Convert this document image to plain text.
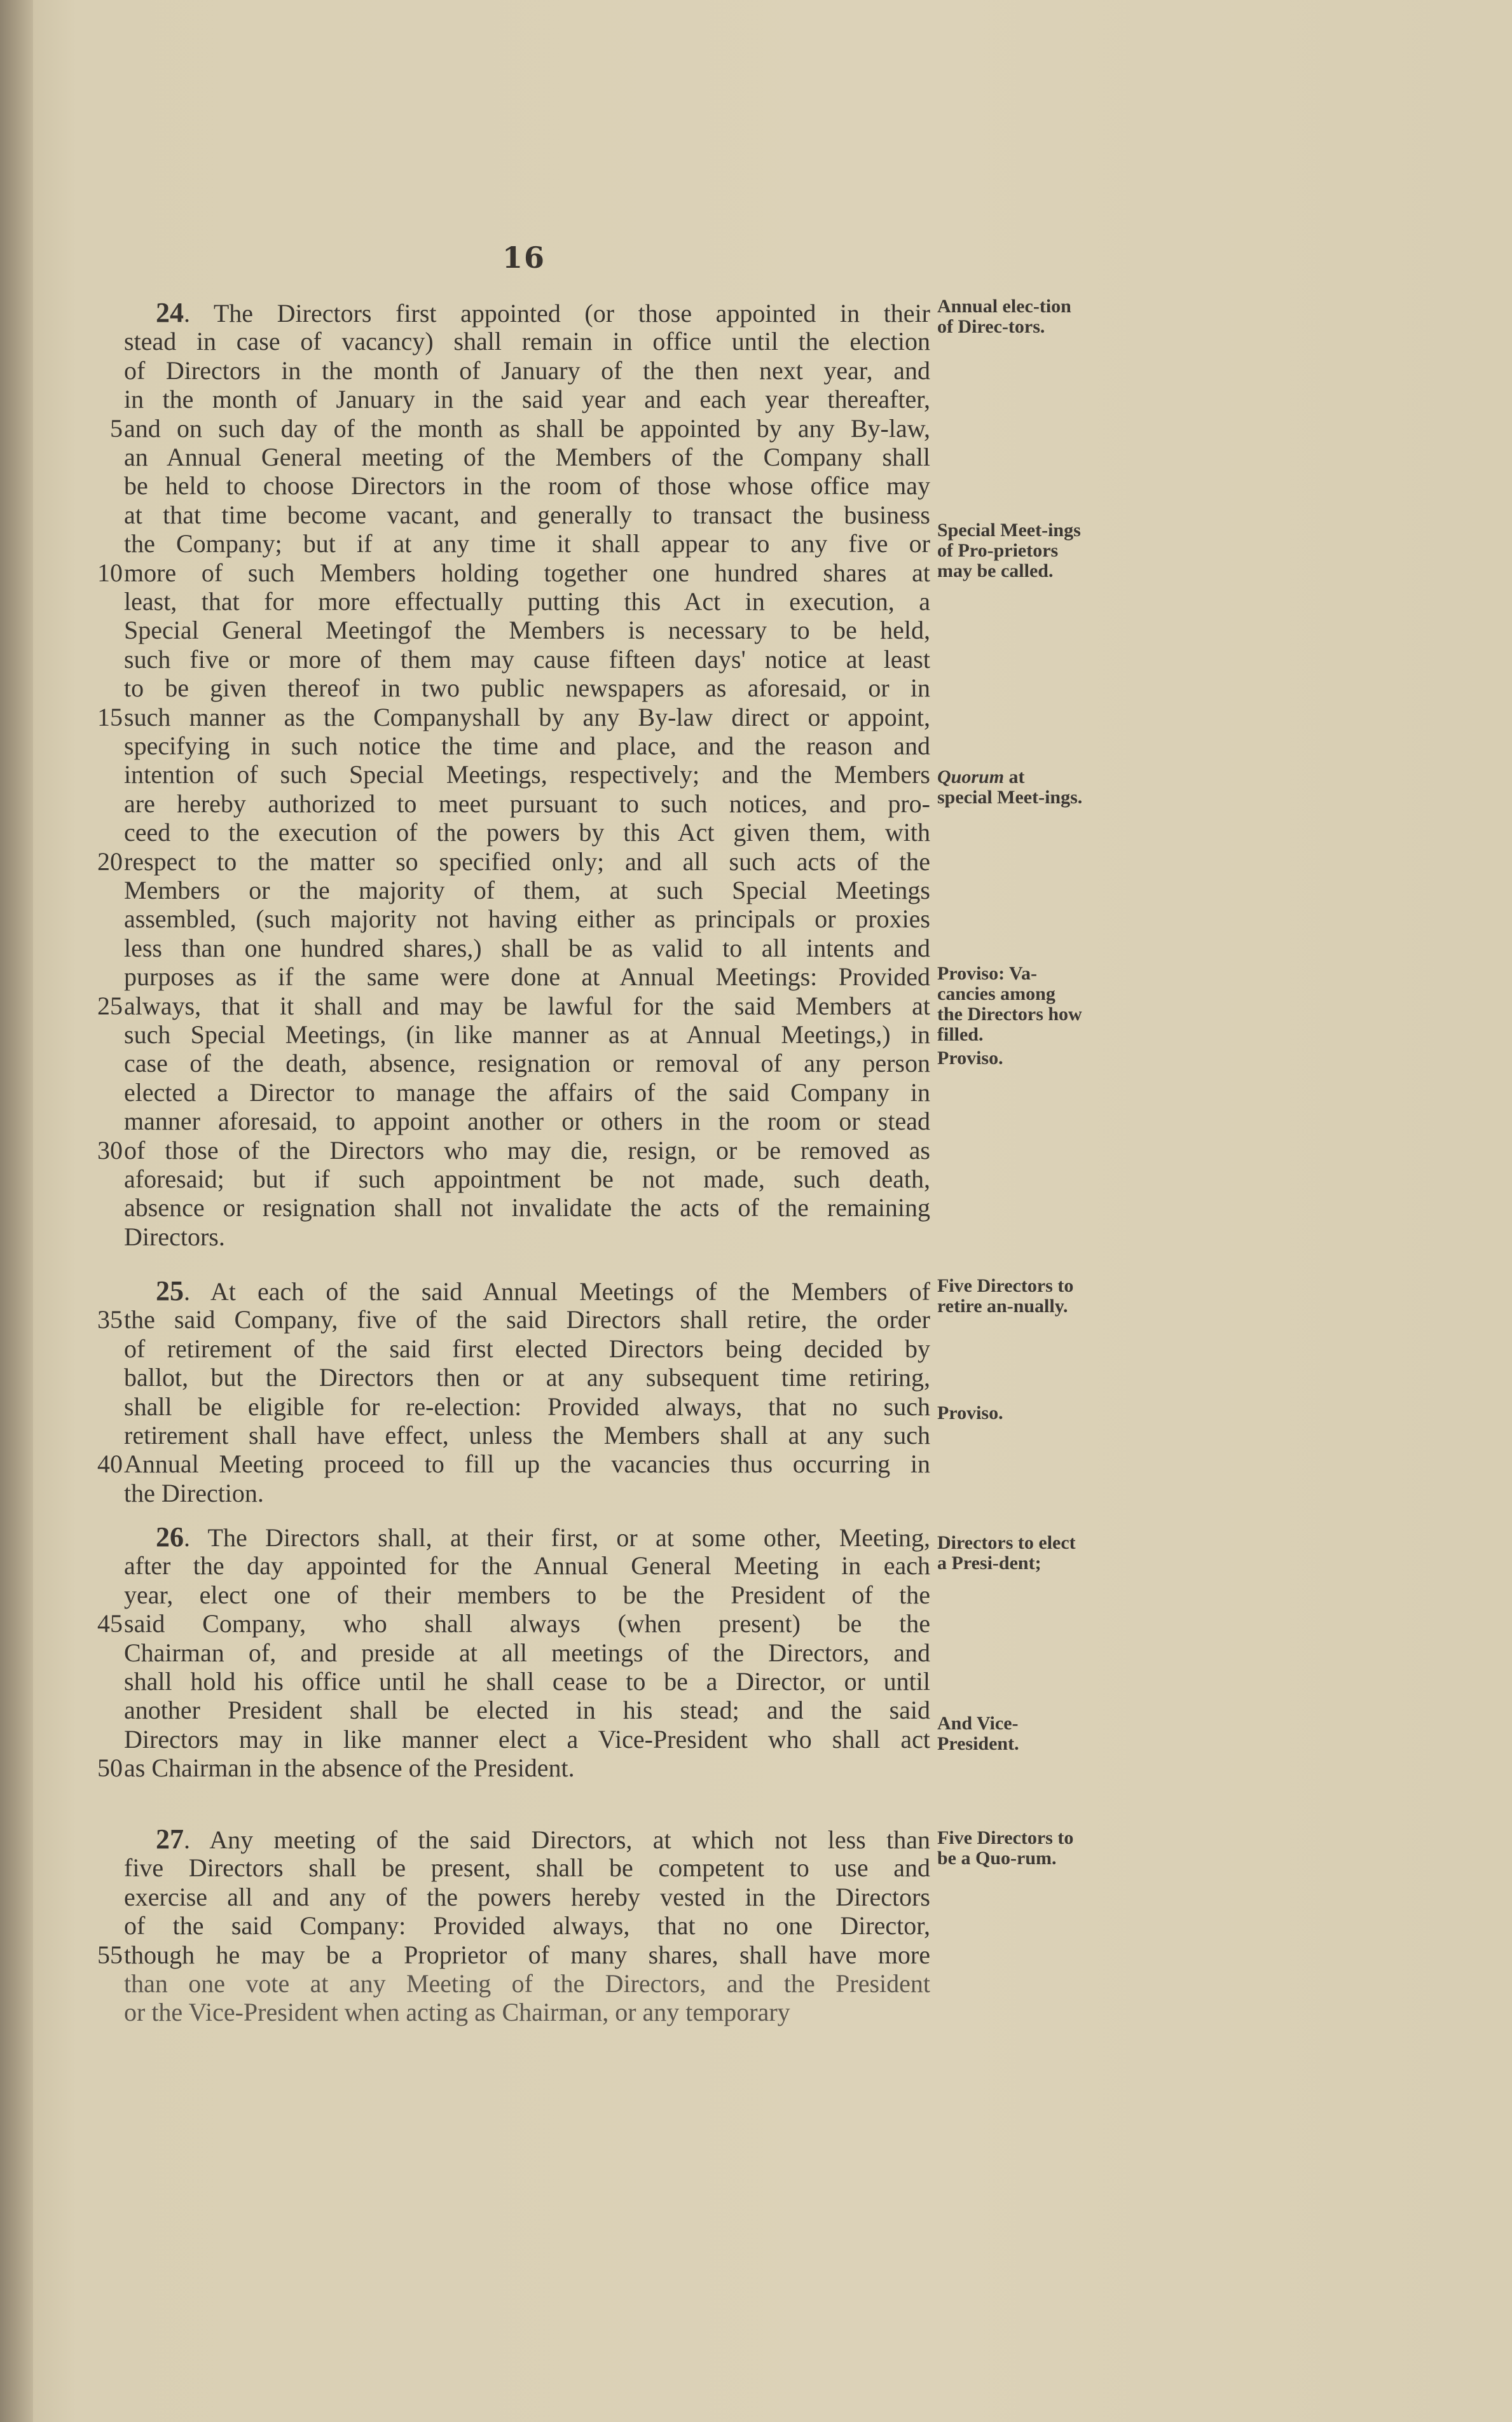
16
24. The Directors first appointed (or those appointed in their
stead in case of vacancy) shall remain in office until the election
of Directors in the month of January of the then next year, and
in the month of January in the said year and each year thereafter,
and on such day of the month as shall be appointed by any By-law,
5
an Annual General meeting of the Members of the Company shall
be held to choose Directors in the room of those whose office may
at that time become vacant, and generally to transact the business
the Company; but if at any time it shall appear to any five or
more of such Members holding together one hundred shares at
10
least, that for more effectually putting this Act in execution, a
Special General Meetingof the Members is necessary to be held,
such five or more of them may cause fifteen days' notice at least
to be given thereof in two public newspapers as aforesaid, or in
such manner as the Companyshall by any By-law direct or appoint,
15
specifying in such notice the time and place, and the reason and
intention of such Special Meetings, respectively; and the Members
are hereby authorized to meet pursuant to such notices, and pro-
ceed to the execution of the powers by this Act given them, with
respect to the matter so specified only; and all such acts of the
20
Members or the majority of them, at such Special Meetings
assembled, (such majority not having either as principals or proxies
less than one hundred shares,) shall be as valid to all intents and
purposes as if the same were done at Annual Meetings: Provided
always, that it shall and may be lawful for the said Members at
25
such Special Meetings, (in like manner as at Annual Meetings,) in
case of the death, absence, resignation or removal of any person
elected a Director to manage the affairs of the said Company in
manner aforesaid, to appoint another or others in the room or stead
of those of the Directors who may die, resign, or be removed as
30
aforesaid; but if such appointment be not made, such death,
absence or resignation shall not invalidate the acts of the remaining
Directors.
25. At each of the said Annual Meetings of the Members of
the said Company, five of the said Directors shall retire, the order
35
of retirement of the said first elected Directors being decided by
ballot, but the Directors then or at any subsequent time retiring,
shall be eligible for re-election: Provided always, that no such
retirement shall have effect, unless the Members shall at any such
Annual Meeting proceed to fill up the vacancies thus occurring in
40
the Direction.
26. The Directors shall, at their first, or at some other, Meeting,
after the day appointed for the Annual General Meeting in each
year, elect one of their members to be the President of the
said Company, who shall always (when present) be the
45
Chairman of, and preside at all meetings of the Directors, and
shall hold his office until he shall cease to be a Director, or until
another President shall be elected in his stead; and the said
Directors may in like manner elect a Vice-President who shall act
as Chairman in the absence of the President.
50
27. Any meeting of the said Directors, at which not less than
five Directors shall be present, shall be competent to use and
exercise all and any of the powers hereby vested in the Directors
of the said Company: Provided always, that no one Director,
though he may be a Proprietor of many shares, shall have more
55
than one vote at any Meeting of the Directors, and the President
or the Vice-President when acting as Chairman, or any temporary
Annual elec-tion of Direc-tors.
Special Meet-ings of Pro-prietors may be called.
Quorum at special Meet-ings.
Proviso: Va-cancies among the Directors how filled.
Proviso.
Five Directors to retire an-nually.
Proviso.
Directors to elect a Presi-dent;
And Vice-President.
Five Directors to be a Quo-rum.
